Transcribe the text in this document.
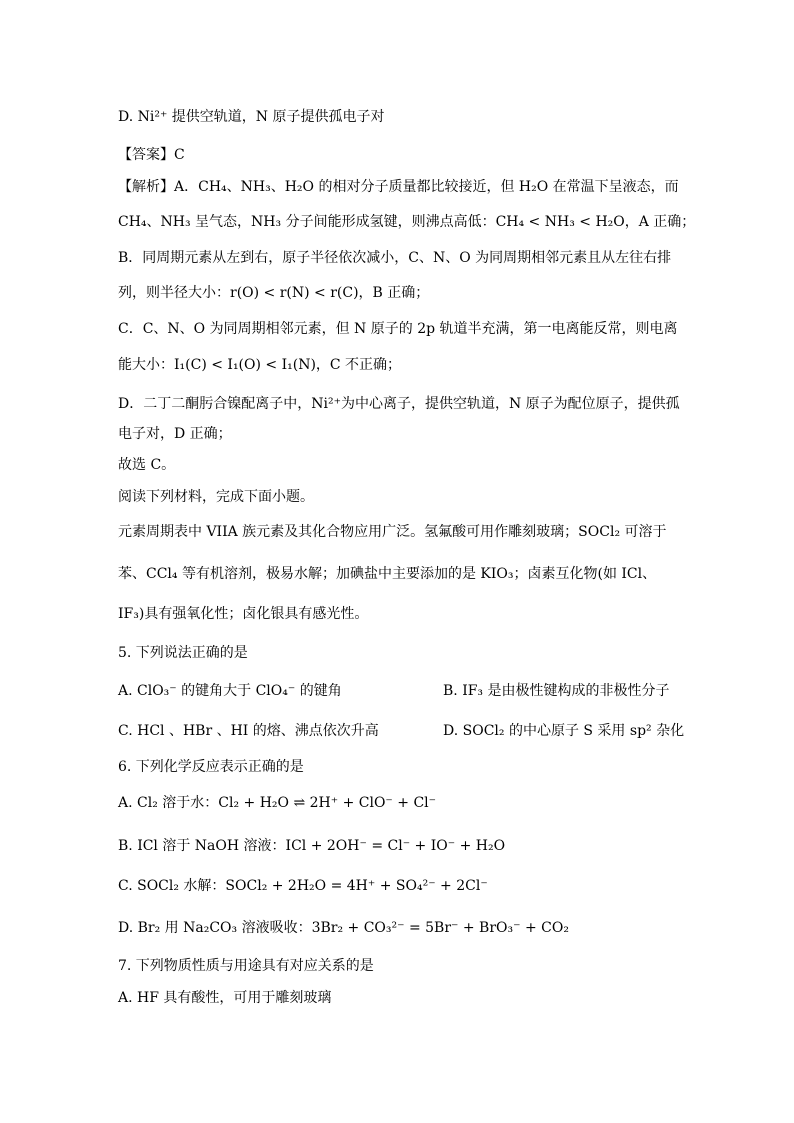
D. Ni²⁺ 提供空轨道，N 原子提供孤电子对
【答案】C
【解析】A．CH₄、NH₃、H₂O 的相对分子质量都比较接近，但 H₂O 在常温下呈液态，而
CH₄、NH₃ 呈气态，NH₃ 分子间能形成氢键，则沸点高低：CH₄ < NH₃ < H₂O，A 正确；
B．同周期元素从左到右，原子半径依次减小，C、N、O 为同周期相邻元素且从左往右排
列，则半径大小：r(O) < r(N) < r(C)，B 正确；
C．C、N、O 为同周期相邻元素，但 N 原子的 2p 轨道半充满，第一电离能反常，则电离
能大小：I₁(C) < I₁(O) < I₁(N)，C 不正确；
D．二丁二酮肟合镍配离子中，Ni²⁺为中心离子，提供空轨道，N 原子为配位原子，提供孤
电子对，D 正确；
故选 C。
阅读下列材料，完成下面小题。
元素周期表中 VIIA 族元素及其化合物应用广泛。氢氟酸可用作雕刻玻璃；SOCl₂ 可溶于
苯、CCl₄ 等有机溶剂，极易水解；加碘盐中主要添加的是 KIO₃；卤素互化物(如 ICl、
IF₃)具有强氧化性；卤化银具有感光性。
5. 下列说法正确的是
A. ClO₃⁻ 的键角大于 ClO₄⁻ 的键角	B. IF₃ 是由极性键构成的非极性分子
C. HCl 、HBr 、HI 的熔、沸点依次升高	D. SOCl₂ 的中心原子 S 采用 sp² 杂化
6. 下列化学反应表示正确的是
A. Cl₂ 溶于水：Cl₂ + H₂O ⇌ 2H⁺ + ClO⁻ + Cl⁻
B. ICl 溶于 NaOH 溶液：ICl + 2OH⁻ = Cl⁻ + IO⁻ + H₂O
C. SOCl₂ 水解：SOCl₂ + 2H₂O = 4H⁺ + SO₄²⁻ + 2Cl⁻
D. Br₂ 用 Na₂CO₃ 溶液吸收：3Br₂ + CO₃²⁻ = 5Br⁻ + BrO₃⁻ + CO₂
7. 下列物质性质与用途具有对应关系的是
A. HF 具有酸性，可用于雕刻玻璃
